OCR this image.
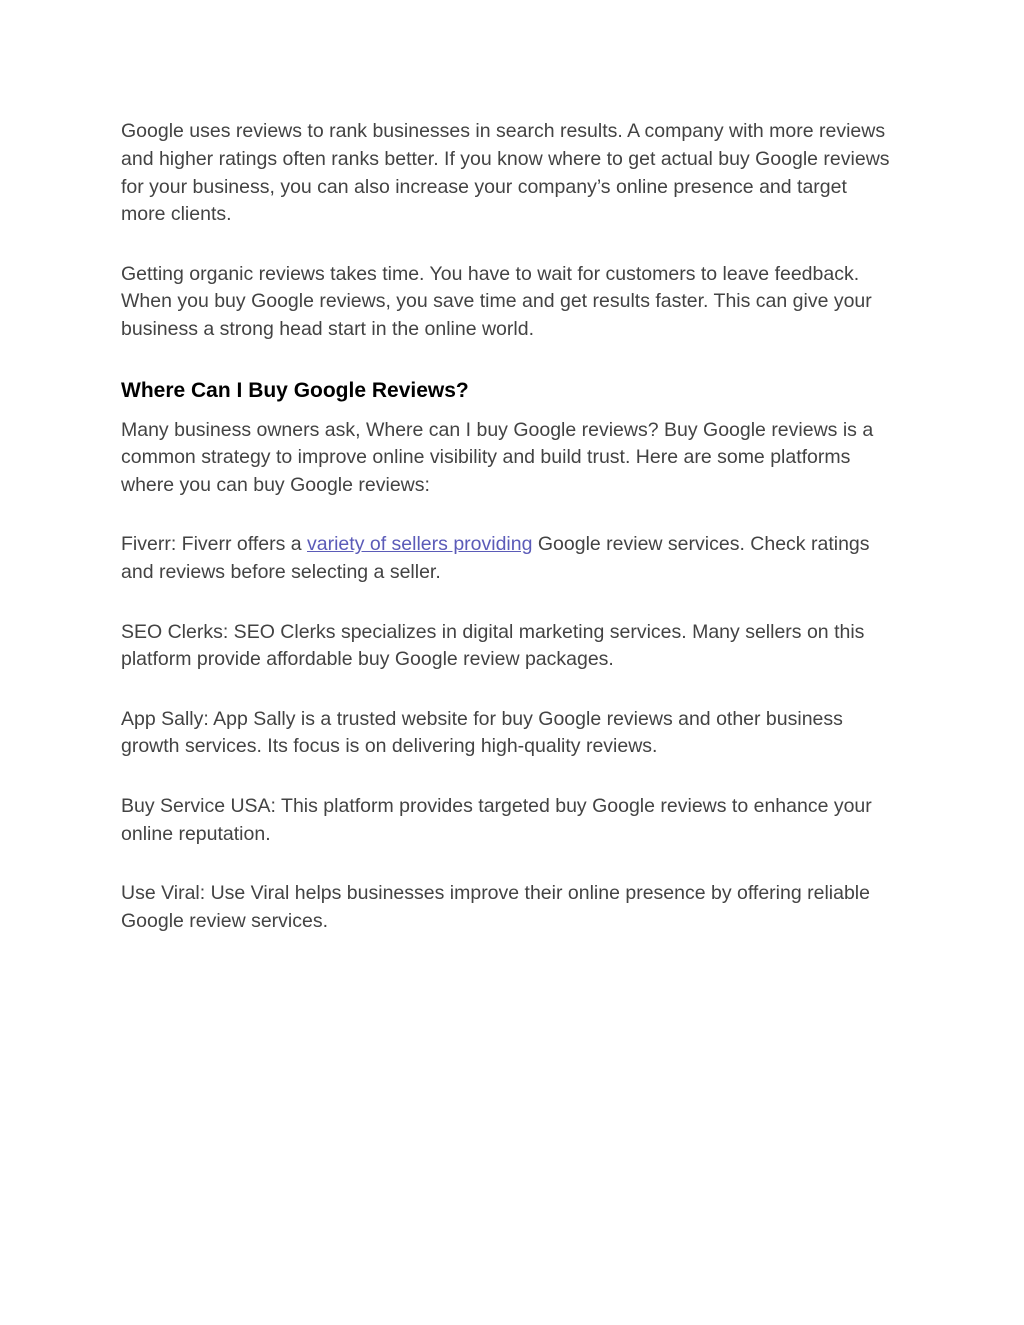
Google uses reviews to rank businesses in search results. A company with more reviews and higher ratings often ranks better. If you know where to get actual buy Google reviews for your business, you can also increase your company’s online presence and target more clients.

Getting organic reviews takes time. You have to wait for customers to leave feedback. When you buy Google reviews, you save time and get results faster. This can give your business a strong head start in the online world.

Where Can I Buy Google Reviews?

Many business owners ask, Where can I buy Google reviews? Buy Google reviews is a common strategy to improve online visibility and build trust. Here are some platforms where you can buy Google reviews:

Fiverr: Fiverr offers a variety of sellers providing Google review services. Check ratings and reviews before selecting a seller.

SEO Clerks: SEO Clerks specializes in digital marketing services. Many sellers on this platform provide affordable buy Google review packages.

App Sally: App Sally is a trusted website for buy Google reviews and other business growth services. Its focus is on delivering high-quality reviews.

Buy Service USA: This platform provides targeted buy Google reviews to enhance your online reputation.

Use Viral: Use Viral helps businesses improve their online presence by offering reliable Google review services.
